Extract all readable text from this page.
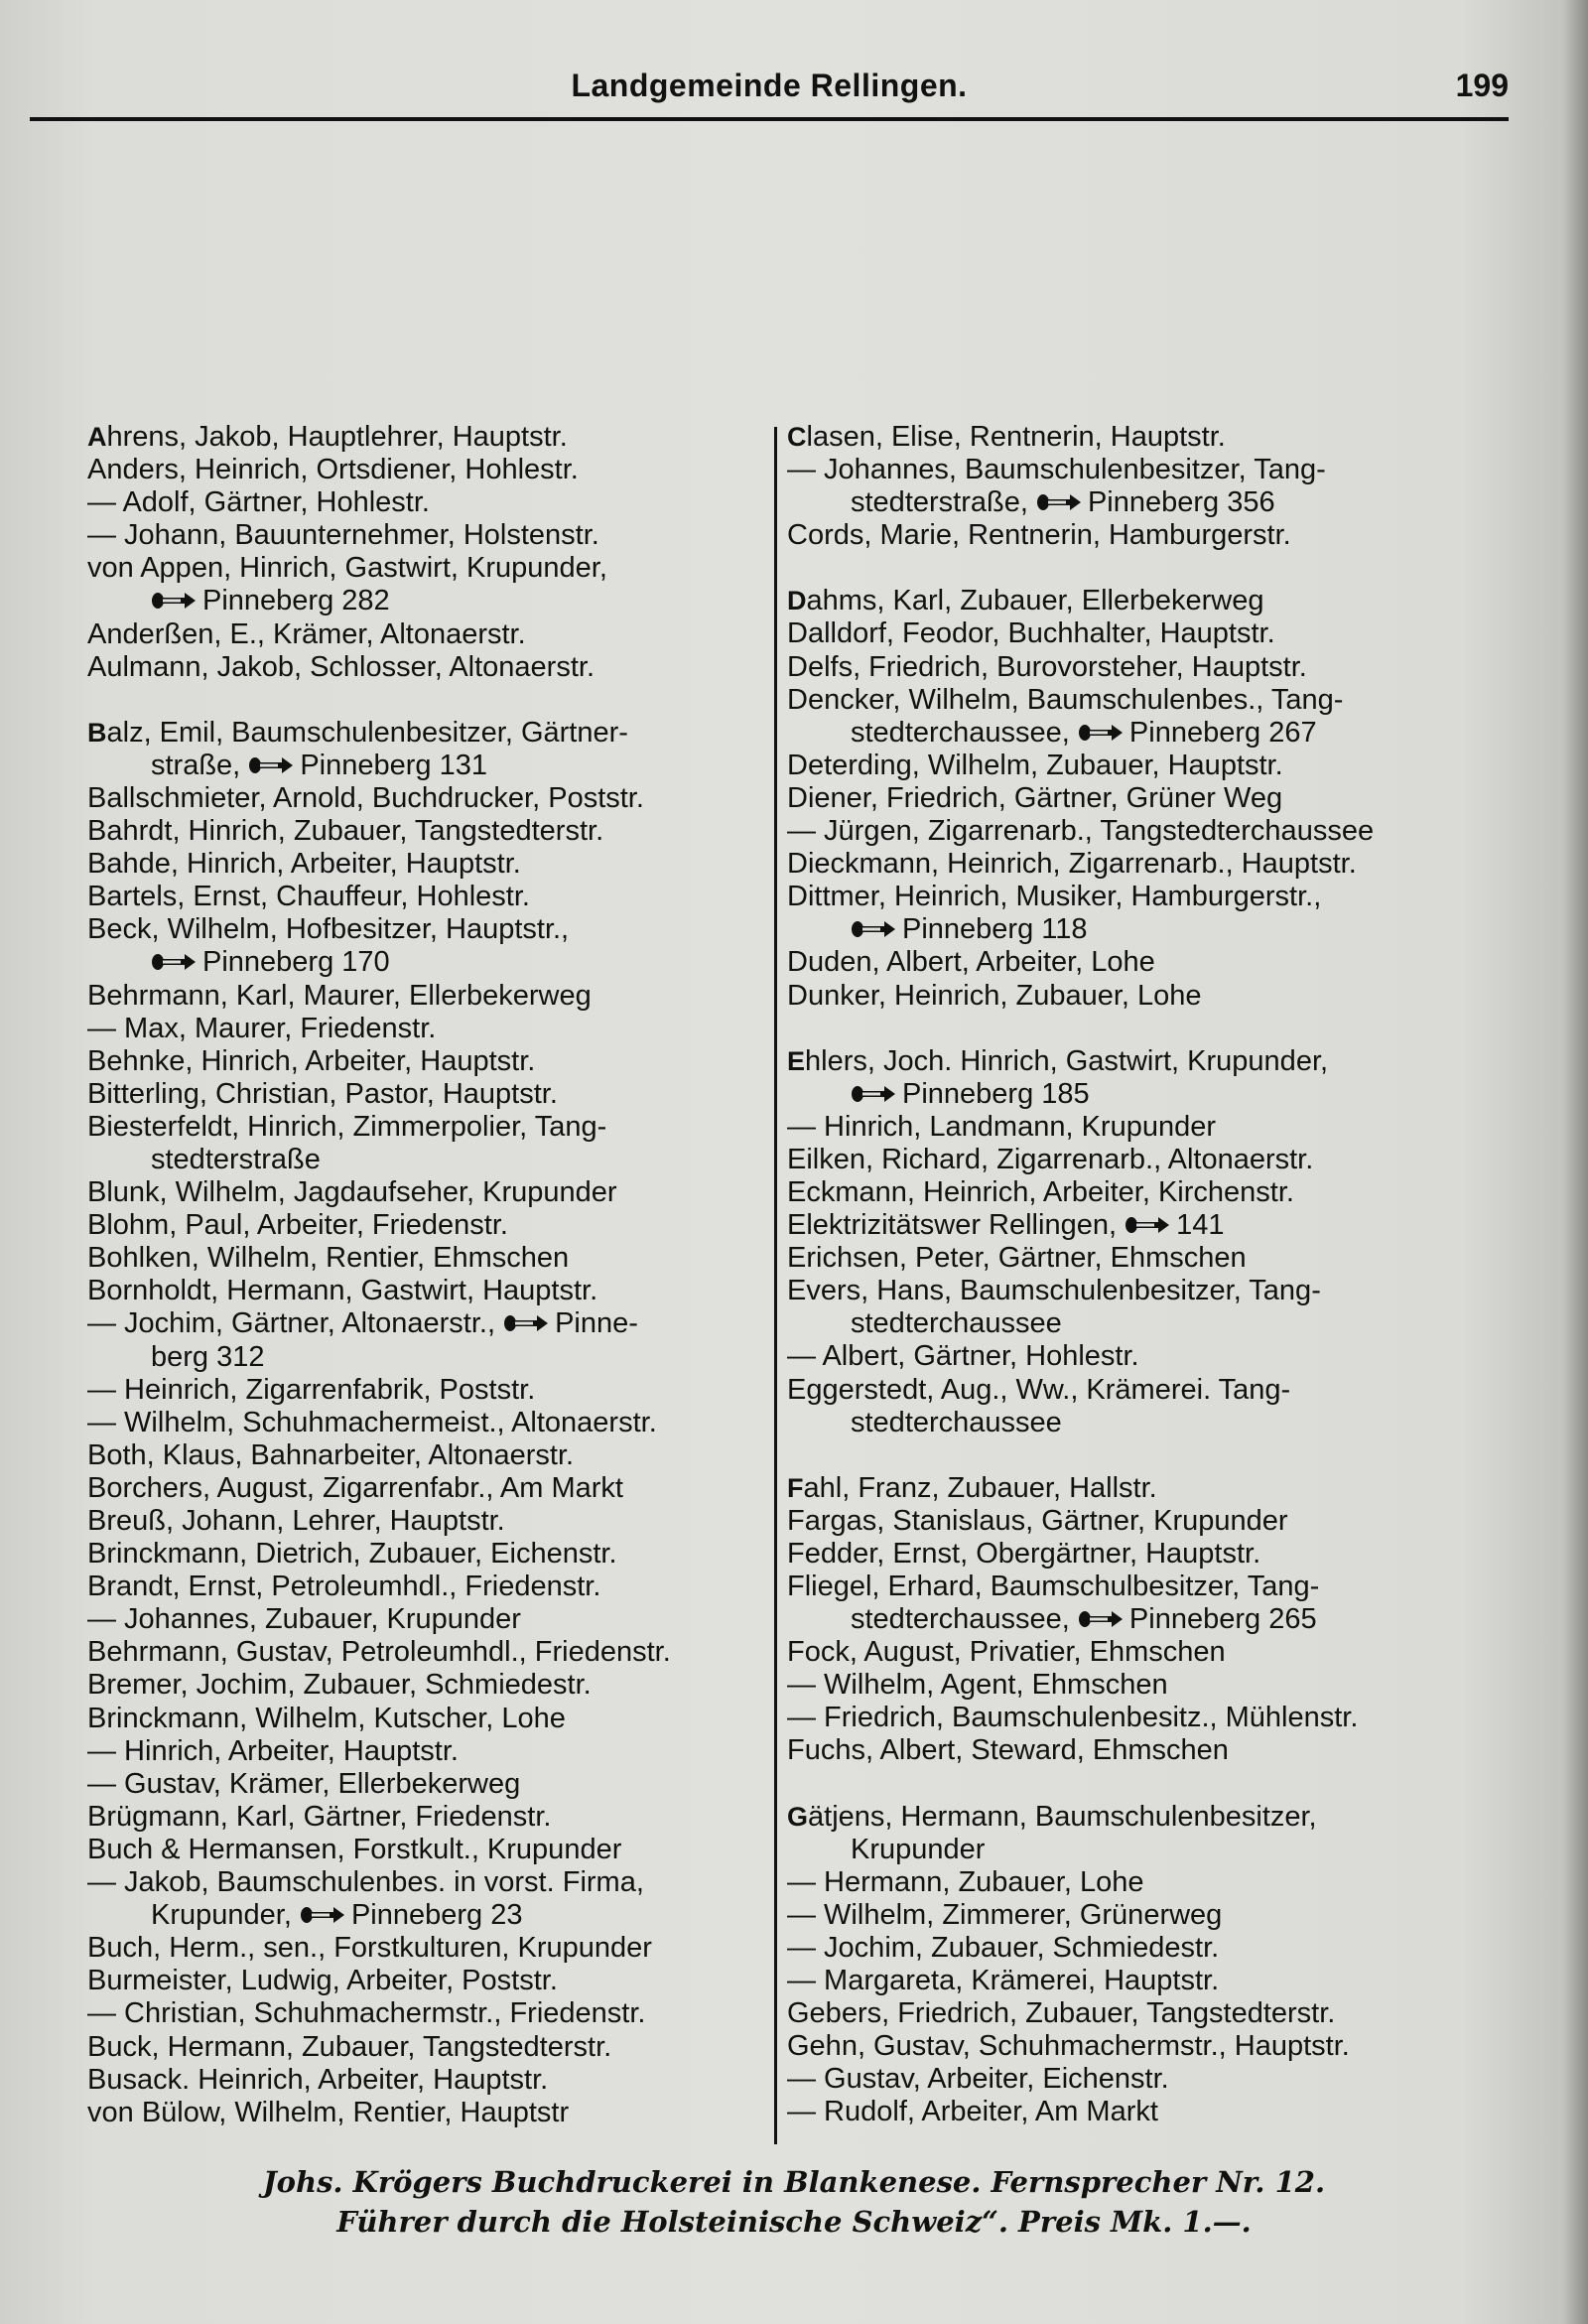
Landgemeinde Rellingen.	199
Ahrens, Jakob, Hauptlehrer, Hauptstr.
Anders, Heinrich, Ortsdiener, Hohlestr.
— Adolf, Gärtner, Hohlestr.
— Johann, Bauunternehmer, Holstenstr.
von Appen, Hinrich, Gastwirt, Krupunder,
Pinneberg 282
Anderßen, E., Krämer, Altonaerstr.
Aulmann, Jakob, Schlosser, Altonaerstr.
Balz, Emil, Baumschulenbesitzer, Gärtner-
straße, Pinneberg 131
Ballschmieter, Arnold, Buchdrucker, Poststr.
Bahrdt, Hinrich, Zubauer, Tangstedterstr.
Bahde, Hinrich, Arbeiter, Hauptstr.
Bartels, Ernst, Chauffeur, Hohlestr.
Beck, Wilhelm, Hofbesitzer, Hauptstr.,
Pinneberg 170
Behrmann, Karl, Maurer, Ellerbekerweg
— Max, Maurer, Friedenstr.
Behnke, Hinrich, Arbeiter, Hauptstr.
Bitterling, Christian, Pastor, Hauptstr.
Biesterfeldt, Hinrich, Zimmerpolier, Tang-
stedterstraße
Blunk, Wilhelm, Jagdaufseher, Krupunder
Blohm, Paul, Arbeiter, Friedenstr.
Bohlken, Wilhelm, Rentier, Ehmschen
Bornholdt, Hermann, Gastwirt, Hauptstr.
— Jochim, Gärtner, Altonaerstr., Pinne-
berg 312
— Heinrich, Zigarrenfabrik, Poststr.
— Wilhelm, Schuhmachermeist., Altonaerstr.
Both, Klaus, Bahnarbeiter, Altonaerstr.
Borchers, August, Zigarrenfabr., Am Markt
Breuß, Johann, Lehrer, Hauptstr.
Brinckmann, Dietrich, Zubauer, Eichenstr.
Brandt, Ernst, Petroleumhdl., Friedenstr.
— Johannes, Zubauer, Krupunder
Behrmann, Gustav, Petroleumhdl., Friedenstr.
Bremer, Jochim, Zubauer, Schmiedestr.
Brinckmann, Wilhelm, Kutscher, Lohe
— Hinrich, Arbeiter, Hauptstr.
— Gustav, Krämer, Ellerbekerweg
Brügmann, Karl, Gärtner, Friedenstr.
Buch & Hermansen, Forstkult., Krupunder
— Jakob, Baumschulenbes. in vorst. Firma,
Krupunder, Pinneberg 23
Buch, Herm., sen., Forstkulturen, Krupunder
Burmeister, Ludwig, Arbeiter, Poststr.
— Christian, Schuhmachermstr., Friedenstr.
Buck, Hermann, Zubauer, Tangstedterstr.
Busack. Heinrich, Arbeiter, Hauptstr.
von Bülow, Wilhelm, Rentier, Hauptstr
Clasen, Elise, Rentnerin, Hauptstr.
— Johannes, Baumschulenbesitzer, Tang-
stedterstraße, Pinneberg 356
Cords, Marie, Rentnerin, Hamburgerstr.
Dahms, Karl, Zubauer, Ellerbekerweg
Dalldorf, Feodor, Buchhalter, Hauptstr.
Delfs, Friedrich, Burovorsteher, Hauptstr.
Dencker, Wilhelm, Baumschulenbes., Tang-
stedterchaussee, Pinneberg 267
Deterding, Wilhelm, Zubauer, Hauptstr.
Diener, Friedrich, Gärtner, Grüner Weg
— Jürgen, Zigarrenarb., Tangstedterchaussee
Dieckmann, Heinrich, Zigarrenarb., Hauptstr.
Dittmer, Heinrich, Musiker, Hamburgerstr.,
Pinneberg 118
Duden, Albert, Arbeiter, Lohe
Dunker, Heinrich, Zubauer, Lohe
Ehlers, Joch. Hinrich, Gastwirt, Krupunder,
Pinneberg 185
— Hinrich, Landmann, Krupunder
Eilken, Richard, Zigarrenarb., Altonaerstr.
Eckmann, Heinrich, Arbeiter, Kirchenstr.
Elektrizitätswer Rellingen, 141
Erichsen, Peter, Gärtner, Ehmschen
Evers, Hans, Baumschulenbesitzer, Tang-
stedterchaussee
— Albert, Gärtner, Hohlestr.
Eggerstedt, Aug., Ww., Krämerei. Tang-
stedterchaussee
Fahl, Franz, Zubauer, Hallstr.
Fargas, Stanislaus, Gärtner, Krupunder
Fedder, Ernst, Obergärtner, Hauptstr.
Fliegel, Erhard, Baumschulbesitzer, Tang-
stedterchaussee, Pinneberg 265
Fock, August, Privatier, Ehmschen
— Wilhelm, Agent, Ehmschen
— Friedrich, Baumschulenbesitz., Mühlenstr.
Fuchs, Albert, Steward, Ehmschen
Gätjens, Hermann, Baumschulenbesitzer,
Krupunder
— Hermann, Zubauer, Lohe
— Wilhelm, Zimmerer, Grünerweg
— Jochim, Zubauer, Schmiedestr.
— Margareta, Krämerei, Hauptstr.
Gebers, Friedrich, Zubauer, Tangstedterstr.
Gehn, Gustav, Schuhmachermstr., Hauptstr.
— Gustav, Arbeiter, Eichenstr.
— Rudolf, Arbeiter, Am Markt
Johs. Krögers Buchdruckerei in Blankenese. Fernsprecher Nr. 12.
Führer durch die Holsteinische Schweiz“. Preis Mk. 1.—.
